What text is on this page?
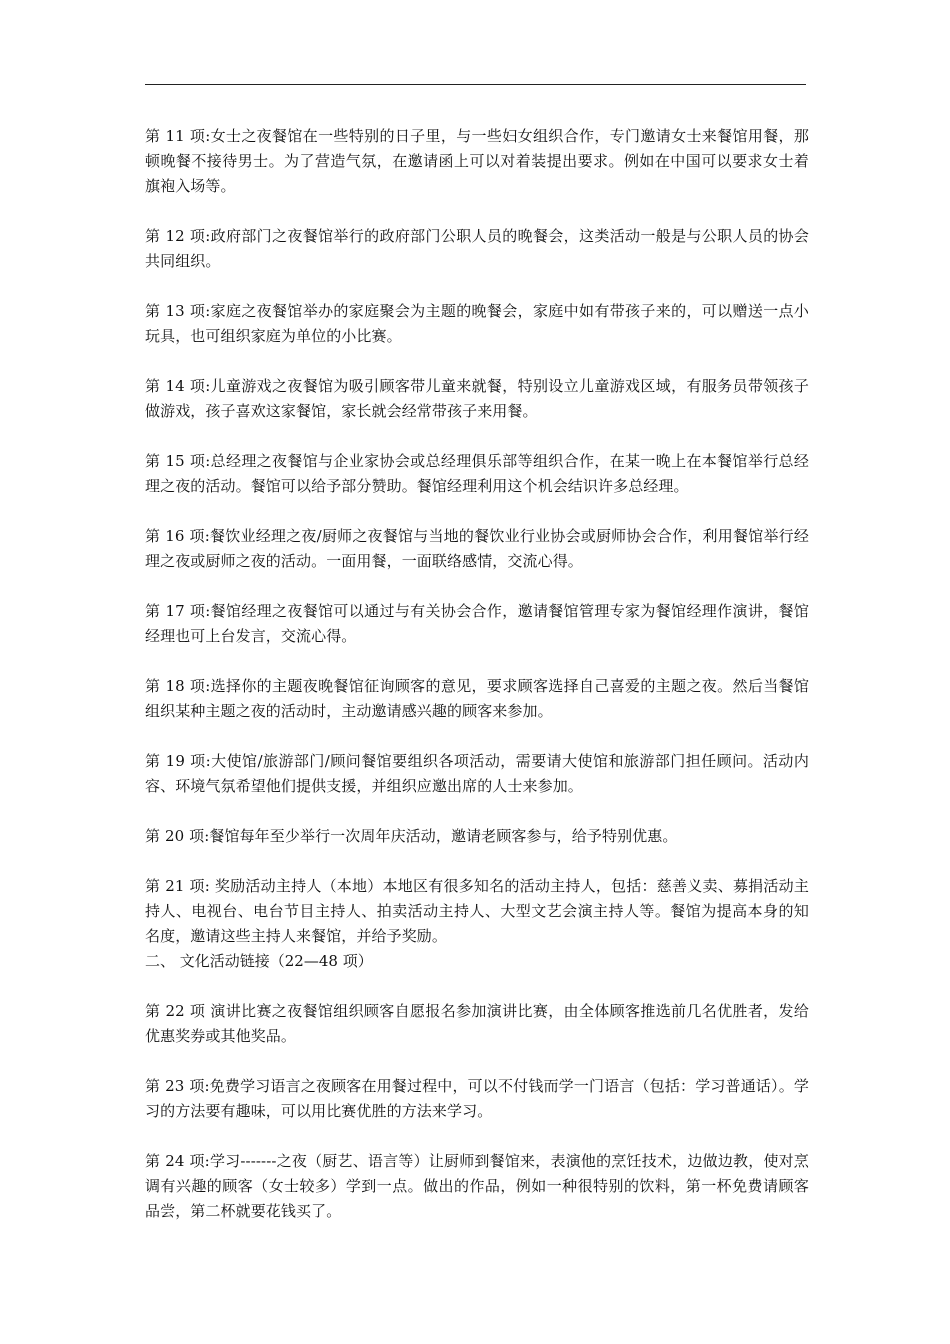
第 11 项:女士之夜餐馆在一些特别的日子里，与一些妇女组织合作，专门邀请女士来餐馆用餐，那顿晚餐不接待男士。为了营造气氛，在邀请函上可以对着装提出要求。例如在中国可以要求女士着旗袍入场等。

第 12 项:政府部门之夜餐馆举行的政府部门公职人员的晚餐会，这类活动一般是与公职人员的协会共同组织。

第 13 项:家庭之夜餐馆举办的家庭聚会为主题的晚餐会，家庭中如有带孩子来的，可以赠送一点小玩具，也可组织家庭为单位的小比赛。

第 14 项:儿童游戏之夜餐馆为吸引顾客带儿童来就餐，特别设立儿童游戏区域，有服务员带领孩子做游戏，孩子喜欢这家餐馆，家长就会经常带孩子来用餐。

第 15 项:总经理之夜餐馆与企业家协会或总经理俱乐部等组织合作，在某一晚上在本餐馆举行总经理之夜的活动。餐馆可以给予部分赞助。餐馆经理利用这个机会结识许多总经理。

第 16 项:餐饮业经理之夜/厨师之夜餐馆与当地的餐饮业行业协会或厨师协会合作，利用餐馆举行经理之夜或厨师之夜的活动。一面用餐，一面联络感情，交流心得。

第 17 项:餐馆经理之夜餐馆可以通过与有关协会合作，邀请餐馆管理专家为餐馆经理作演讲，餐馆经理也可上台发言，交流心得。

第 18 项:选择你的主题夜晚餐馆征询顾客的意见，要求顾客选择自己喜爱的主题之夜。然后当餐馆组织某种主题之夜的活动时，主动邀请感兴趣的顾客来参加。

第 19 项:大使馆/旅游部门/顾问餐馆要组织各项活动，需要请大使馆和旅游部门担任顾问。活动内容、环境气氛希望他们提供支援，并组织应邀出席的人士来参加。

第 20 项:餐馆每年至少举行一次周年庆活动，邀请老顾客参与，给予特别优惠。

第 21 项: 奖励活动主持人（本地）本地区有很多知名的活动主持人，包括：慈善义卖、募捐活动主持人、电视台、电台节目主持人、拍卖活动主持人、大型文艺会演主持人等。餐馆为提高本身的知名度，邀请这些主持人来餐馆，并给予奖励。

二、 文化活动链接（22—48 项）

第 22 项 演讲比赛之夜餐馆组织顾客自愿报名参加演讲比赛，由全体顾客推选前几名优胜者，发给优惠奖券或其他奖品。

第 23 项:免费学习语言之夜顾客在用餐过程中，可以不付钱而学一门语言（包括：学习普通话）。学习的方法要有趣味，可以用比赛优胜的方法来学习。

第 24 项:学习-------之夜（厨艺、语言等）让厨师到餐馆来，表演他的烹饪技术，边做边教，使对烹调有兴趣的顾客（女士较多）学到一点。做出的作品，例如一种很特别的饮料，第一杯免费请顾客品尝，第二杯就要花钱买了。
